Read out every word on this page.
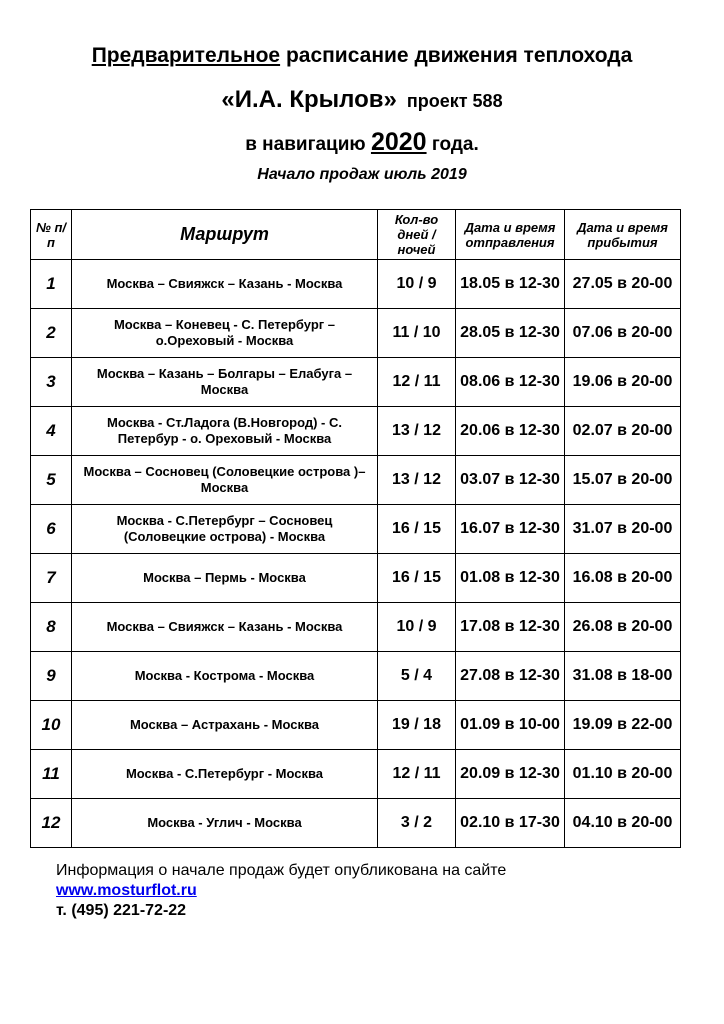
Предварительное расписание движения теплохода
«И.А. Крылов» проект 588
в навигацию 2020 года.
Начало продаж июль 2019
№ п/п	Маршрут	Кол-во дней / ночей	Дата и время отправления	Дата и время прибытия
1	Москва – Свияжск – Казань - Москва	10 / 9	18.05 в 12-30	27.05 в 20-00
2	Москва – Коневец - С. Петербург – о.Ореховый - Москва	11 / 10	28.05 в 12-30	07.06 в 20-00
3	Москва – Казань – Болгары – Елабуга – Москва	12 / 11	08.06 в 12-30	19.06 в 20-00
4	Москва - Ст.Ладога (В.Новгород) - С. Петербур - о. Ореховый - Москва	13 / 12	20.06 в 12-30	02.07 в 20-00
5	Москва – Сосновец (Соловецкие острова )– Москва	13 / 12	03.07 в 12-30	15.07 в 20-00
6	Москва - С.Петербург – Сосновец (Соловецкие острова) - Москва	16 / 15	16.07 в 12-30	31.07 в 20-00
7	Москва – Пермь - Москва	16 / 15	01.08 в 12-30	16.08 в 20-00
8	Москва – Свияжск – Казань - Москва	10 / 9	17.08 в 12-30	26.08 в 20-00
9	Москва - Кострома - Москва	5 / 4	27.08 в 12-30	31.08 в 18-00
10	Москва – Астрахань - Москва	19 / 18	01.09 в 10-00	19.09 в 22-00
11	Москва - С.Петербург - Москва	12 / 11	20.09 в 12-30	01.10 в 20-00
12	Москва - Углич - Москва	3 / 2	02.10 в 17-30	04.10 в 20-00
Информация о начале продаж будет опубликована на сайте
www.mosturflot.ru
т. (495) 221-72-22
